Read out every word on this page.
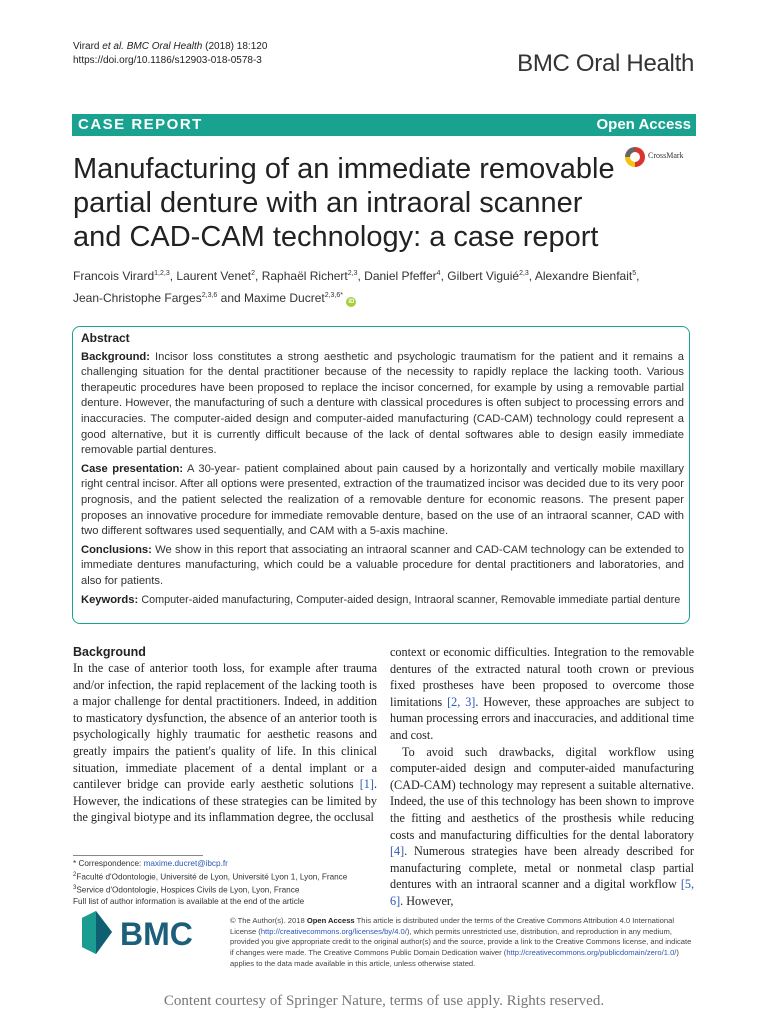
Virard et al. BMC Oral Health (2018) 18:120
https://doi.org/10.1186/s12903-018-0578-3	BMC Oral Health
CASE REPORT	Open Access
Manufacturing of an immediate removable partial denture with an intraoral scanner and CAD-CAM technology: a case report
CrossMark
Francois Virard$^{1,2,3}$, Laurent Venet$^2$, Raphaël Richert$^{2,3}$, Daniel Pfeffer$^4$, Gilbert Viguié$^{2,3}$, Alexandre Bienfait$^5$,
Jean-Christophe Farges$^{2,3,6}$ and Maxime Ducret$^{2,3,6*}$ iD
Abstract

Background: Incisor loss constitutes a strong aesthetic and psychologic traumatism for the patient and it remains a challenging situation for the dental practitioner because of the necessity to rapidly replace the lacking tooth. Various therapeutic procedures have been proposed to replace the incisor concerned, for example by using a removable partial denture. However, the manufacturing of such a denture with classical procedures is often subject to processing errors and inaccuracies. The computer-aided design and computer-aided manufacturing (CAD-CAM) technology could represent a good alternative, but it is currently difficult because of the lack of dental softwares able to design easily immediate removable partial dentures.

Case presentation: A 30-year- patient complained about pain caused by a horizontally and vertically mobile maxillary right central incisor. After all options were presented, extraction of the traumatized incisor was decided due to its very poor prognosis, and the patient selected the realization of a removable denture for economic reasons. The present paper proposes an innovative procedure for immediate removable denture, based on the use of an intraoral scanner, CAD with two different softwares used sequentially, and CAM with a 5-axis machine.

Conclusions: We show in this report that associating an intraoral scanner and CAD-CAM technology can be extended to immediate dentures manufacturing, which could be a valuable procedure for dental practitioners and laboratories, and also for patients.

Keywords: Computer-aided manufacturing, Computer-aided design, Intraoral scanner, Removable immediate partial denture

Background

In the case of anterior tooth loss, for example after trauma and/or infection, the rapid replacement of the lacking tooth is a major challenge for dental practitioners. Indeed, in addition to masticatory dysfunction, the absence of an anterior tooth is psychologically highly traumatic for aesthetic reasons and greatly impairs the patient's quality of life. In this clinical situation, immediate placement of a dental implant or a cantilever bridge can provide early aesthetic solutions [1]. However, the indications of these strategies can be limited by the gingival biotype and its inflammation degree, the occlusal

context or economic difficulties. Integration to the removable dentures of the extracted natural tooth crown or previous fixed prostheses have been proposed to overcome those limitations [2, 3]. However, these approaches are subject to human processing errors and inaccuracies, and additional time and cost.

To avoid such drawbacks, digital workflow using computer-aided design and computer-aided manufacturing (CAD-CAM) technology may represent a suitable alternative. Indeed, the use of this technology has been shown to improve the fitting and aesthetics of the prosthesis while reducing costs and manufacturing difficulties for the dental laboratory [4]. Numerous strategies have been already described for manufacturing complete, metal or nonmetal clasp partial dentures with an intraoral scanner and a digital workflow [5, 6]. However,

* Correspondence: maxime.ducret@ibcp.fr
$^2$Faculté d'Odontologie, Université de Lyon, Université Lyon 1, Lyon, France
$^3$Service d'Odontologie, Hospices Civils de Lyon, Lyon, France
Full list of author information is available at the end of the article
BMC	© The Author(s). 2018 Open Access This article is distributed under the terms of the Creative Commons Attribution 4.0 International License (http://creativecommons.org/licenses/by/4.0/), which permits unrestricted use, distribution, and reproduction in any medium, provided you give appropriate credit to the original author(s) and the source, provide a link to the Creative Commons license, and indicate if changes were made. The Creative Commons Public Domain Dedication waiver (http://creativecommons.org/publicdomain/zero/1.0/) applies to the data made available in this article, unless otherwise stated.
Content courtesy of Springer Nature, terms of use apply. Rights reserved.
